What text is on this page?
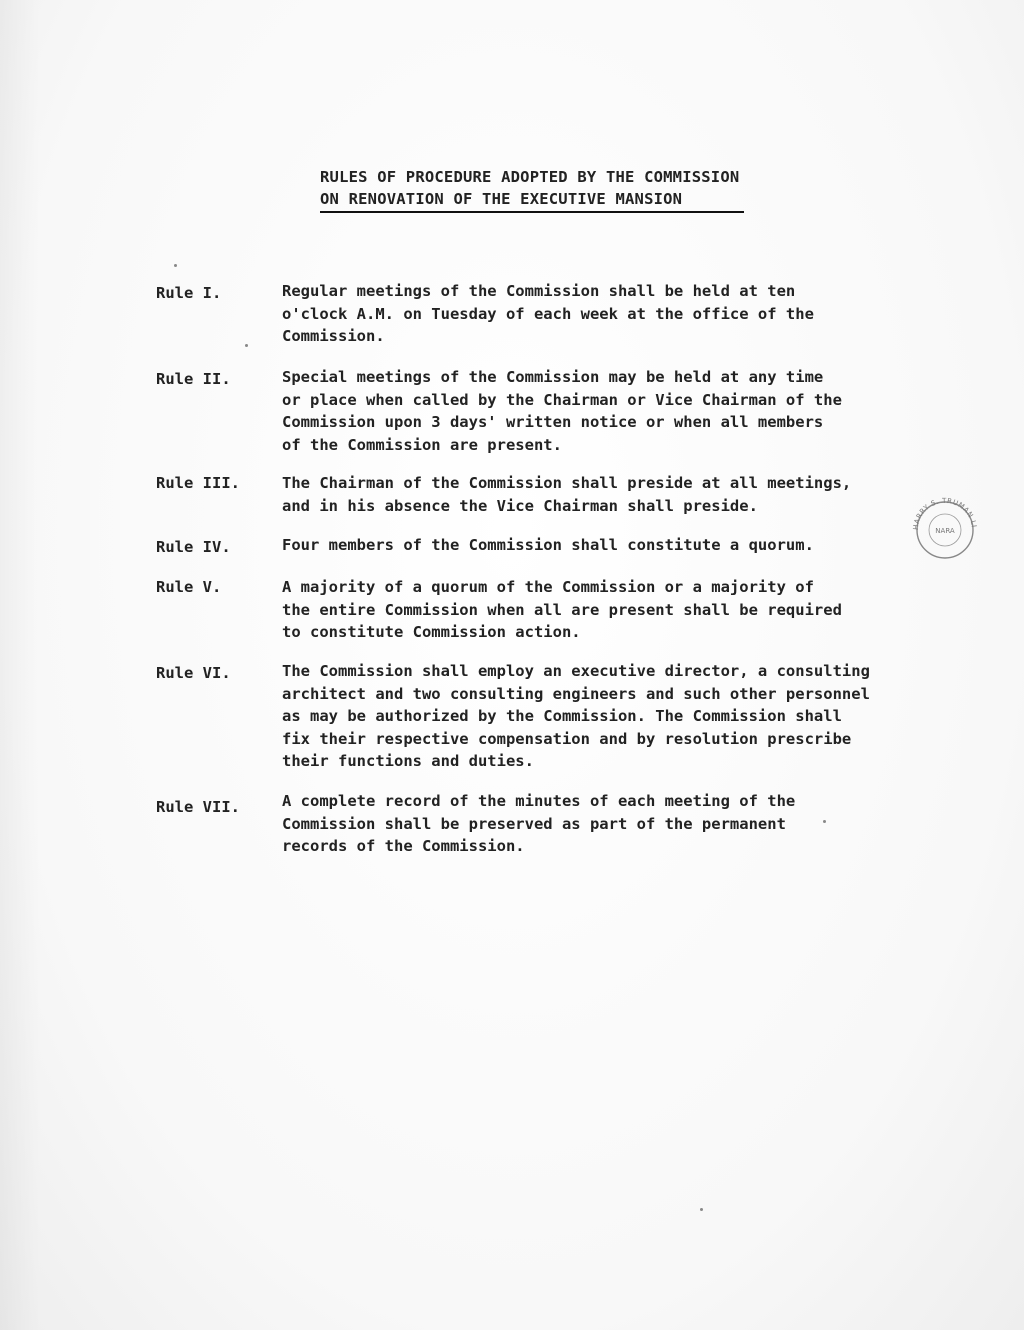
RULES OF PROCEDURE ADOPTED BY THE COMMISSION
ON RENOVATION OF THE EXECUTIVE MANSION
Rule I.	Regular meetings of the Commission shall be held at ten
o'clock A.M. on Tuesday of each week at the office of the
Commission.
Rule II.	Special meetings of the Commission may be held at any time
or place when called by the Chairman or Vice Chairman of the
Commission upon 3 days' written notice or when all members
of the Commission are present.
Rule III.	The Chairman of the Commission shall preside at all meetings,
and in his absence the Vice Chairman shall preside.
Rule IV.	Four members of the Commission shall constitute a quorum.
Rule V.	A majority of a quorum of the Commission or a majority of
the entire Commission when all are present shall be required
to constitute Commission action.
Rule VI.	The Commission shall employ an executive director, a consulting
architect and two consulting engineers and such other personnel
as may be authorized by the Commission. The Commission shall
fix their respective compensation and by resolution prescribe
their functions and duties.
Rule VII.	A complete record of the minutes of each meeting of the
Commission shall be preserved as part of the permanent
records of the Commission.
HARRY S. TRUMAN LI
NARA
